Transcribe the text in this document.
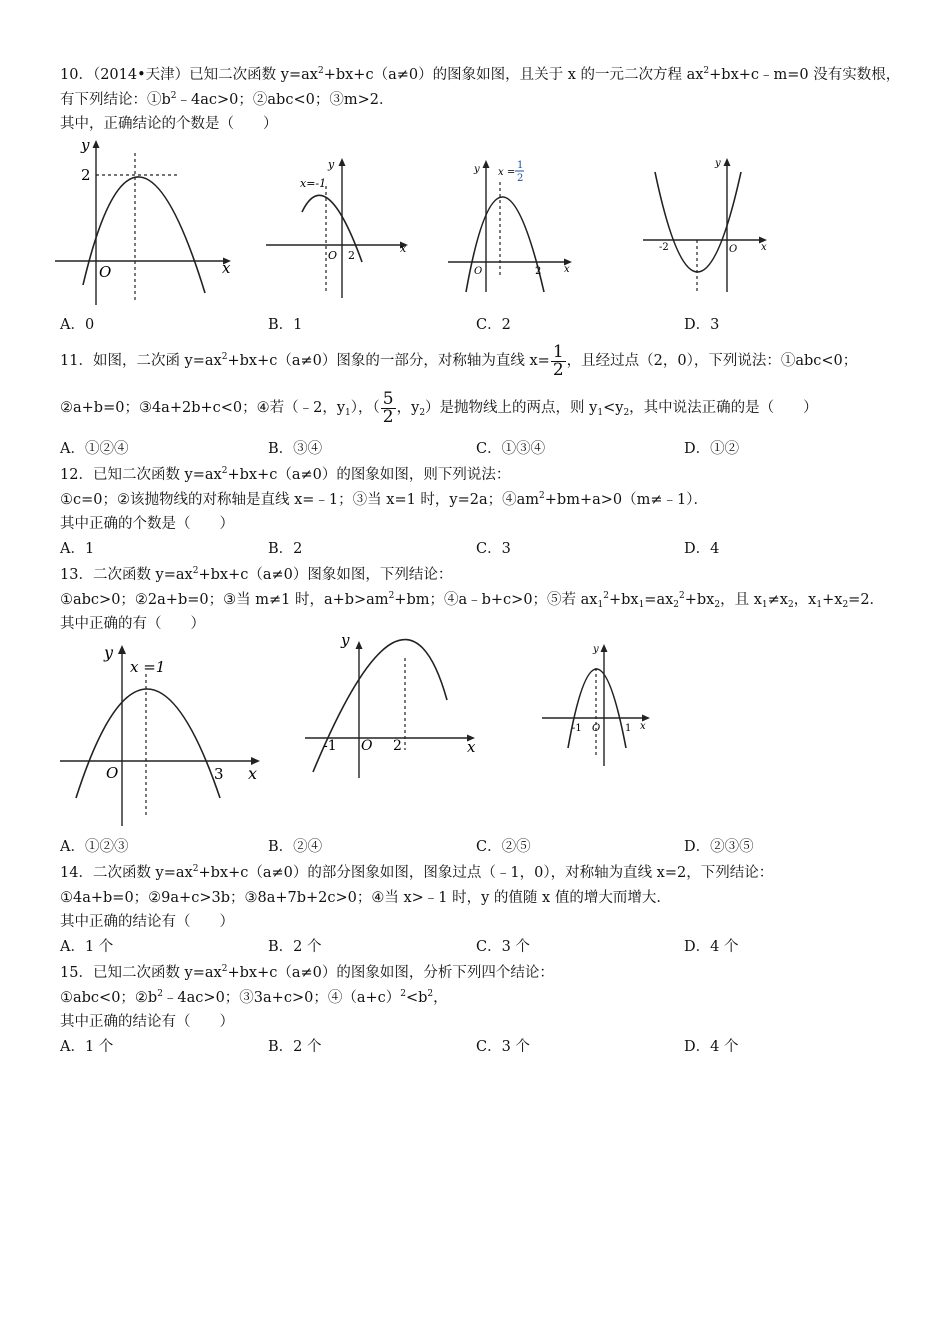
10．（2014•天津）已知二次函数 $y=ax^2+bx+c(a\ne 0)$的图象如图，且关于 x 的一元二次方程 $ax^2+bx+c﹣m=0$ 没有实数根，
有下列结论：$①b^2﹣4ac>0$；②abc<0；③m>2．
其中，正确结论的个数是（　　）
y
x
O
2
y
x
O
x=-1
2
y
x
O
x =
1
2
2
y
x
O
-2
A．0	B．1	C．2	D．3
11．如图，二次函 $y=ax^2+bx+c(a\ne 0)$图象的一部分，对称轴为直线 $x= \frac{1}{2}$ ，且经过点（2，0），下列说法：①abc<0；
②a+b=0；③4a+2b+c<0；④若（﹣2，$y_1$），（ $\frac{5}{2}$ ，$y_2$）是抛物线上的两点，则 $y_1<y_2$，其中说法正确的是（　　）
A．①②④	B．③④	C．①③④	D．①②
12．已知二次函数 $y=ax^2+bx+c(a\ne 0)$的图象如图，则下列说法：
①c=0；②该抛物线的对称轴是直线 x=﹣1；③当 x=1 时，y=2a；$④am^2+bm+a>0(m\ne﹣1)$．
其中正确的个数是（　　）
A．1	B．2	C．3	D．4
13．二次函数 $y=ax^2+bx+c(a\ne 0)$图象如图，下列结论：
①abc>0；②2a+b=0；③当 m≠1 时，$a+b>am^2+bm$；④a﹣b+c>0；⑤若 $ax_1^2+bx_1=ax_2^2+bx_2$，且 $x_1\ne x_2$，$x_1+x_2=2$．
其中正确的有（　　）
y
x
O
x =1
3
y
x
O
-1	2
y
x
O
-1	1
A．①②③	B．②④	C．②⑤	D．②③⑤
14．二次函数 $y=ax^2+bx+c(a\ne 0)$的部分图象如图，图象过点（﹣1，0），对称轴为直线 x=2，下列结论：
①4a+b=0；②9a+c>3b；③8a+7b+2c>0；④当 x>﹣1 时，y 的值随 x 值的增大而增大．
其中正确的结论有（　　）
A．1 个	B．2 个	C．3 个	D．4 个
15．已知二次函数 $y=ax^2+bx+c(a\ne 0)$的图象如图，分析下列四个结论：
①abc<0；$②b^2﹣4ac>0$；③3a+c>0；$④(a+c)^2<b^2$，
其中正确的结论有（　　）
A．1 个	B．2 个	C．3 个	D．4 个
